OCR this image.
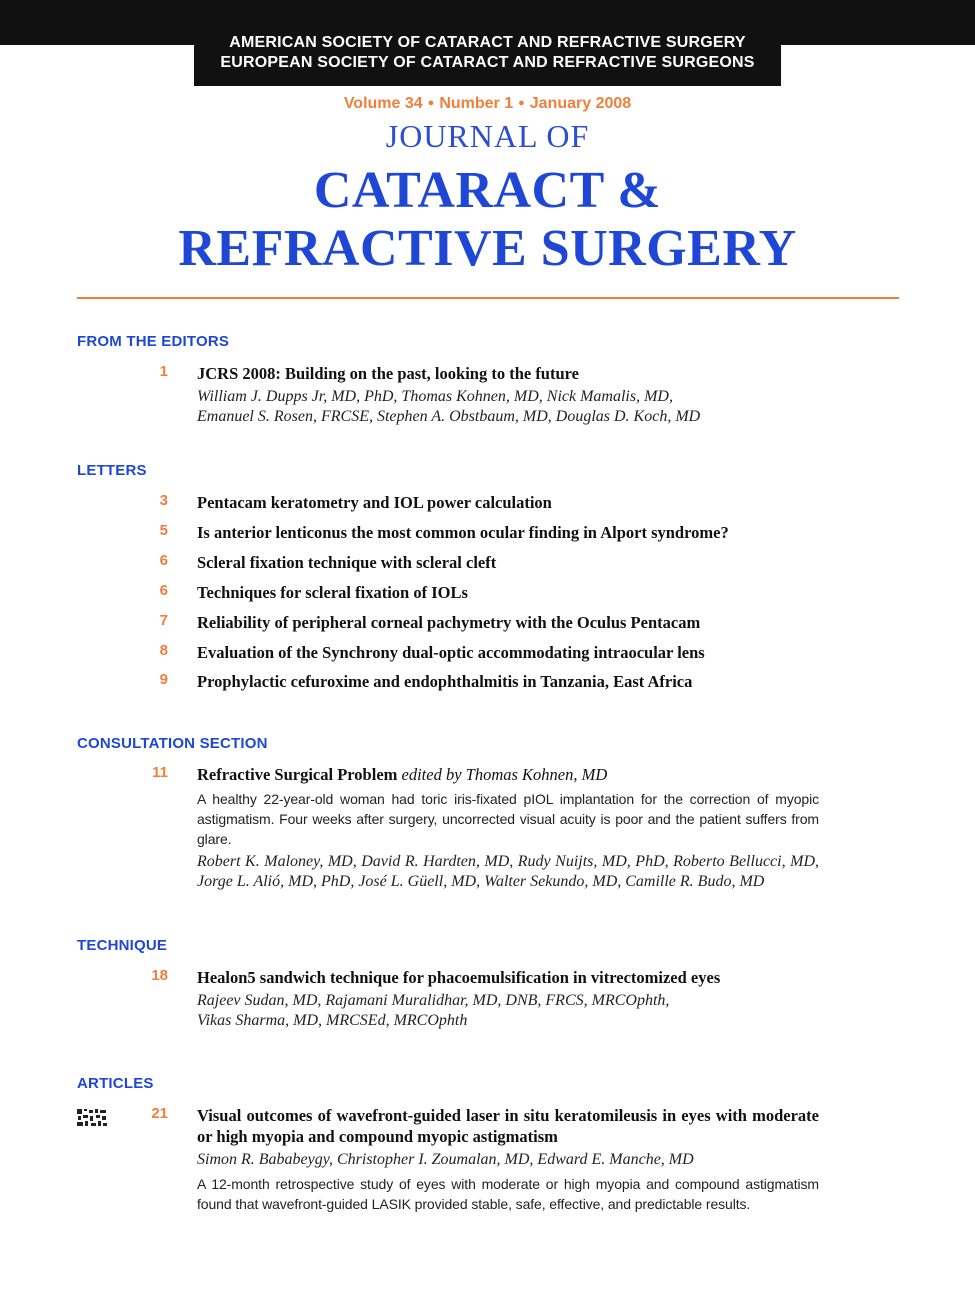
AMERICAN SOCIETY OF CATARACT AND REFRACTIVE SURGERY
EUROPEAN SOCIETY OF CATARACT AND REFRACTIVE SURGEONS
Volume 34 ● Number 1 ● January 2008
JOURNAL OF
CATARACT &
REFRACTIVE SURGERY
FROM THE EDITORS
1 JCRS 2008: Building on the past, looking to the future
William J. Dupps Jr, MD, PhD, Thomas Kohnen, MD, Nick Mamalis, MD,
Emanuel S. Rosen, FRCSE, Stephen A. Obstbaum, MD, Douglas D. Koch, MD
LETTERS
3 Pentacam keratometry and IOL power calculation
5 Is anterior lenticonus the most common ocular finding in Alport syndrome?
6 Scleral fixation technique with scleral cleft
6 Techniques for scleral fixation of IOLs
7 Reliability of peripheral corneal pachymetry with the Oculus Pentacam
8 Evaluation of the Synchrony dual-optic accommodating intraocular lens
9 Prophylactic cefuroxime and endophthalmitis in Tanzania, East Africa
CONSULTATION SECTION
11 Refractive Surgical Problem edited by Thomas Kohnen, MD
A healthy 22-year-old woman had toric iris-fixated pIOL implantation for the correction of myopic astigmatism. Four weeks after surgery, uncorrected visual acuity is poor and the patient suffers from glare.
Robert K. Maloney, MD, David R. Hardten, MD, Rudy Nuijts, MD, PhD, Roberto Bellucci, MD, Jorge L. Alió, MD, PhD, José L. Güell, MD, Walter Sekundo, MD, Camille R. Budo, MD
TECHNIQUE
18 Healon5 sandwich technique for phacoemulsification in vitrectomized eyes
Rajeev Sudan, MD, Rajamani Muralidhar, MD, DNB, FRCS, MRCOphth,
Vikas Sharma, MD, MRCSEd, MRCOphth
ARTICLES
21 Visual outcomes of wavefront-guided laser in situ keratomileusis in eyes with moderate or high myopia and compound myopic astigmatism
Simon R. Bababeygy, Christopher I. Zoumalan, MD, Edward E. Manche, MD
A 12-month retrospective study of eyes with moderate or high myopia and compound astigmatism found that wavefront-guided LASIK provided stable, safe, effective, and predictable results.
